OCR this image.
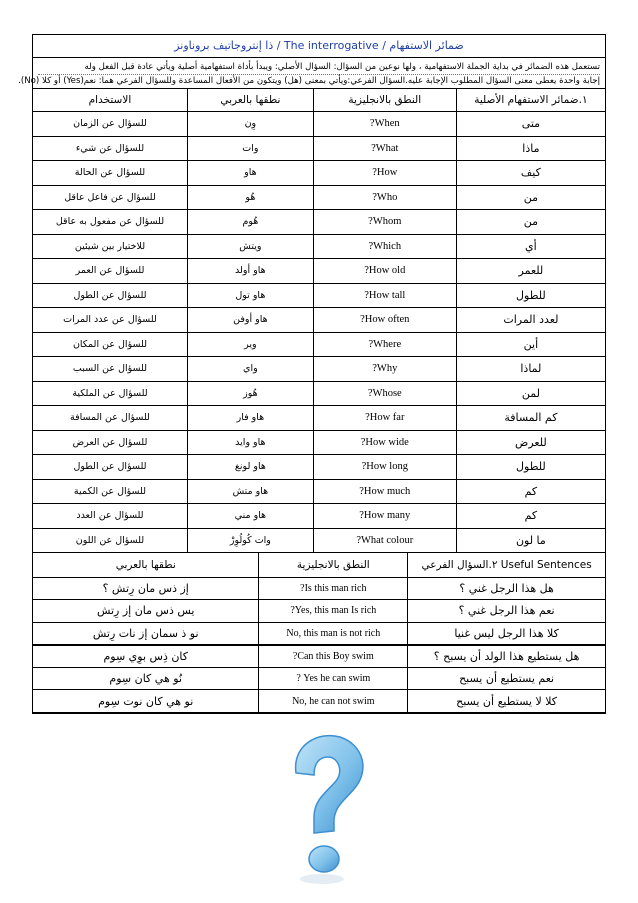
ضمائر الاستفهام / The interrogative / ذا إنتروجاتيف بروناونز
تستعمل هذه الضمائر في بداية الجملة الاستفهامية ، ولها نوعين من السؤال: السؤال الأصلي: ويبدأ بأداة استفهامية أصلية ويأتي عادة قبل الفعل وله
إجابة واحدة يعطى معنى السؤال المطلوب الإجابة عليه.السؤال الفرعي:ويأتي بمعنى (هل) ويتكون من الأفعال المساعدة وللسؤال الفرعي هما: نعم(Yes) أو كلا (No).
١.ضمائر الاستفهام الأصلية	النطق بالانجليزية	نطقها بالعربي	الاستخدام
متى	When?	وِن	للسؤال عن الزمان
ماذا	What?	وات	للسؤال عن شيء
كيف	How?	هاو	للسؤال عن الحالة
من	Who?	هُو	للسؤال عن فاعل عاقل
من	Whom?	هُوم	للسؤال عن مفعول به عاقل
أي	Which?	ويتش	للاختيار بين شيئين
للعمر	How old?	هاو أولد	للسؤال عن العمر
للطول	How tall?	هاو تول	للسؤال عن الطول
لعدد المرات	How often?	هاو أوفن	للسؤال عن عدد المرات
أين	Where?	وير	للسؤال عن المكان
لماذا	Why?	واي	للسؤال عن السبب
لمن	Whose?	هُوز	للسؤال عن الملكية
كم المسافة	How far?	هاو فار	للسؤال عن المسافة
للعرض	How wide?	هاو وايد	للسؤال عن العرض
للطول	How long?	هاو لونغ	للسؤال عن الطول
كم	How much?	هاو متش	للسؤال عن الكمية
كم	How many?	هاو مني	للسؤال عن العدد
ما لون	What colour?	وات كُولُوِرْ	للسؤال عن اللون
Useful Sentences ٢.السؤال الفرعي	النطق بالانجليزية	نطقها بالعربي
هل هذا الرجل غني ؟	Is this man rich?	إز ذس مان رِتش ؟
نعم هذا الرجل غني ؟	Yes, this man Is rich?	يس ذس مان إز رِتش
كلا هذا الرجل ليس غنيا	No, this man is not rich	نو ذ سمان إز نات رِتش
هل يستطيع هذا الولد أن يسبح ؟	Can this Boy swim?	كان ذِس بوِي سِوم
نعم يستطيع أن يسبح	Yes he can swim ?	نُو هي كان سِوم
كلا لا يستطيع أن يسبح	No, he can not swim	نو هي كان نوت سِوم
